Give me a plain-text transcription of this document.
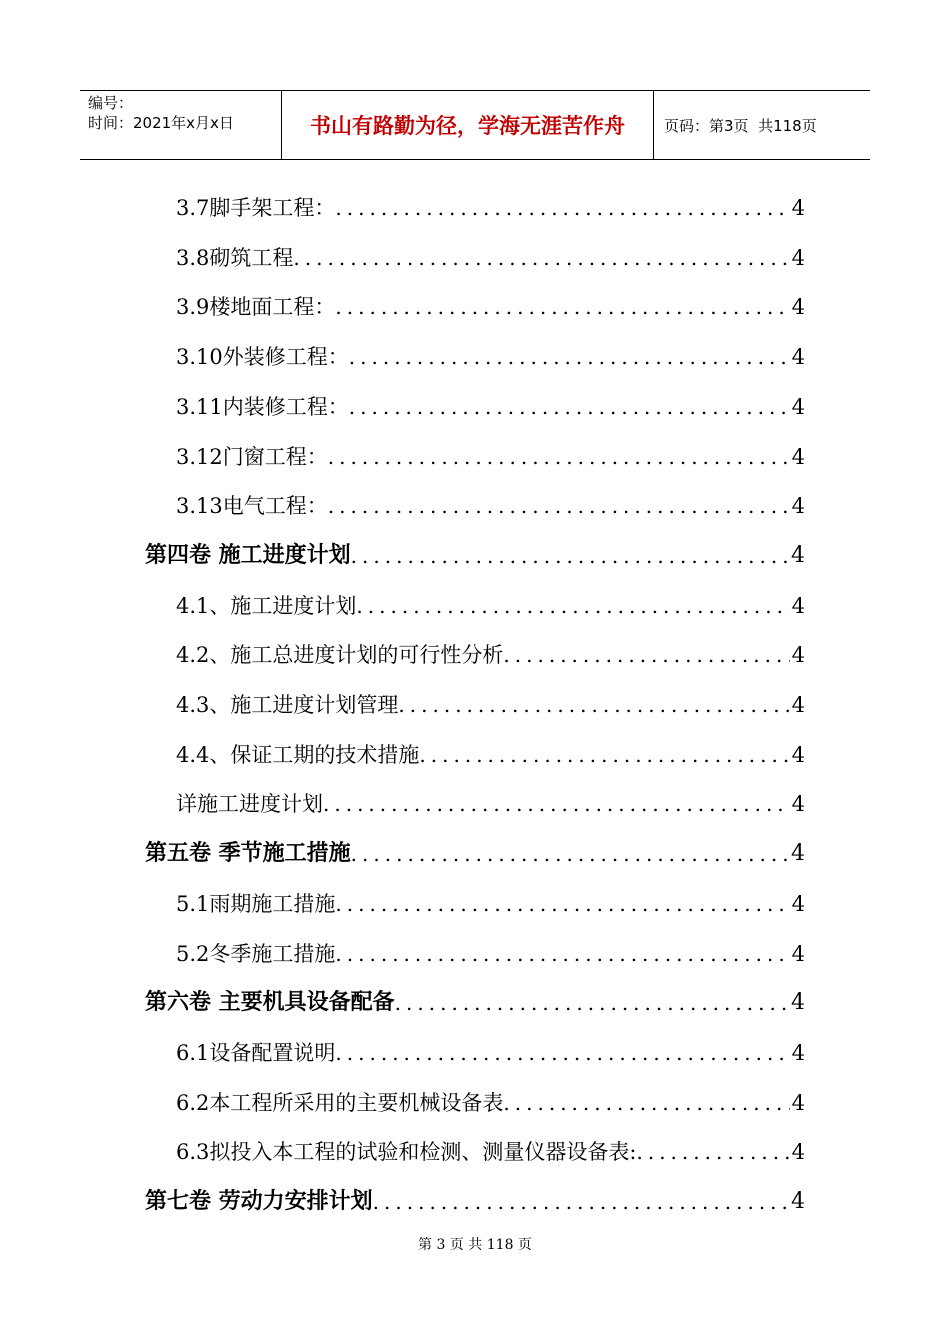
编号：
时间：2021年x月x日	书山有路勤为径，学海无涯苦作舟	页码：第3页  共118页
3.7脚手架工程： .....	4
3.8砌筑工程 .....	4
3.9楼地面工程： .....	4
3.10外装修工程： .....	4
3.11内装修工程： .....	4
3.12门窗工程： .....	4
3.13电气工程： .....	4
第四卷 施工进度计划 .....	4
4.1、施工进度计划 .....	4
4.2、施工总进度计划的可行性分析 .....	4
4.3、施工进度计划管理 .....	4
4.4、保证工期的技术措施 .....	4
详施工进度计划 .....	4
第五卷 季节施工措施 .....	4
5.1雨期施工措施 .....	4
5.2冬季施工措施 .....	4
第六卷 主要机具设备配备 .....	4
6.1设备配置说明 .....	4
6.2本工程所采用的主要机械设备表 .....	4
6.3拟投入本工程的试验和检测、测量仪器设备表: .....	4
第七卷 劳动力安排计划 .....	4
第 3 页 共 118 页
